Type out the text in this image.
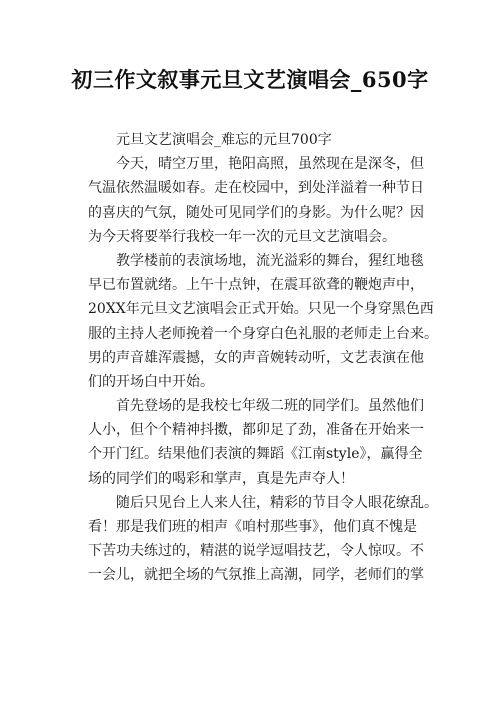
初三作文叙事元旦文艺演唱会_650字
元旦文艺演唱会_难忘的元旦700字
今天，晴空万里，艳阳高照，虽然现在是深冬，但
气温依然温暖如春。走在校园中，到处洋溢着一种节日
的喜庆的气氛，随处可见同学们的身影。为什么呢？因
为今天将要举行我校一年一次的元旦文艺演唱会。
教学楼前的表演场地，流光溢彩的舞台，猩红地毯
早已布置就绪。上午十点钟，在震耳欲聋的鞭炮声中，
20XX年元旦文艺演唱会正式开始。只见一个身穿黑色西
服的主持人老师挽着一个身穿白色礼服的老师走上台来。
男的声音雄浑震撼，女的声音婉转动听，文艺表演在他
们的开场白中开始。
首先登场的是我校七年级二班的同学们。虽然他们
人小，但个个精神抖擞，都卯足了劲，准备在开始来一
个开门红。结果他们表演的舞蹈《江南style》，赢得全
场的同学们的喝彩和掌声，真是先声夺人！
随后只见台上人来人往，精彩的节目令人眼花缭乱。
看！那是我们班的相声《咱村那些事》，他们真不愧是
下苦功夫练过的，精湛的说学逗唱技艺，令人惊叹。不
一会儿，就把全场的气氛推上高潮，同学，老师们的掌
